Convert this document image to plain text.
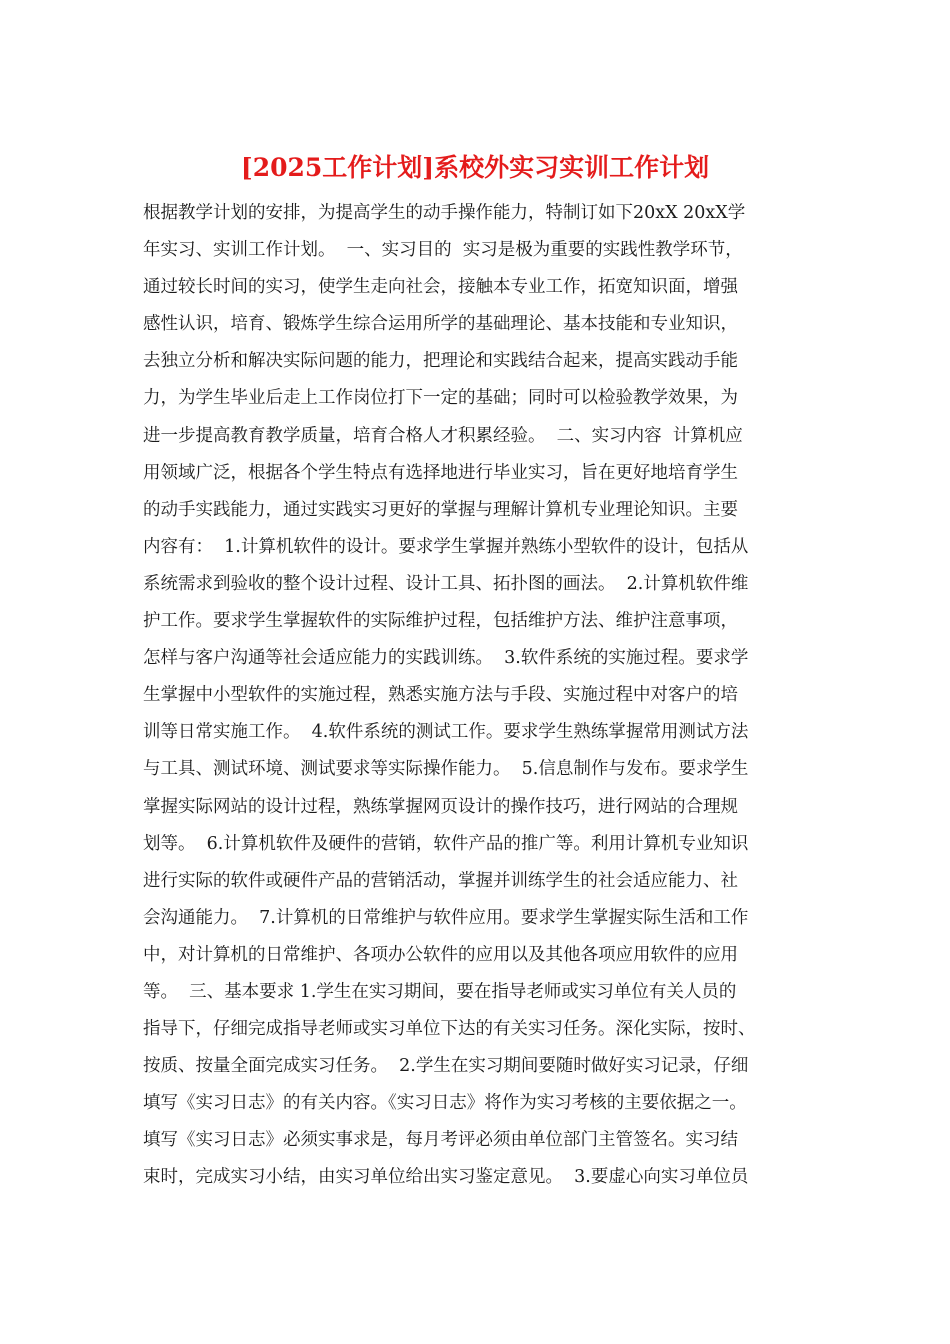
[2025工作计划]系校外实习实训工作计划
根据教学计划的安排，为提高学生的动手操作能力，特制订如下20xX 20xX学
年实习、实训工作计划。  一、实习目的  实习是极为重要的实践性教学环节，
通过较长时间的实习，使学生走向社会，接触本专业工作，拓宽知识面，增强
感性认识，培育、锻炼学生综合运用所学的基础理论、基本技能和专业知识，
去独立分析和解决实际问题的能力，把理论和实践结合起来，提高实践动手能
力，为学生毕业后走上工作岗位打下一定的基础；同时可以检验教学效果，为
进一步提高教育教学质量，培育合格人才积累经验。  二、实习内容  计算机应
用领域广泛，根据各个学生特点有选择地进行毕业实习，旨在更好地培育学生
的动手实践能力，通过实践实习更好的掌握与理解计算机专业理论知识。主要
内容有：  1.计算机软件的设计。要求学生掌握并熟练小型软件的设计，包括从
系统需求到验收的整个设计过程、设计工具、拓扑图的画法。  2.计算机软件维
护工作。要求学生掌握软件的实际维护过程，包括维护方法、维护注意事项，
怎样与客户沟通等社会适应能力的实践训练。  3.软件系统的实施过程。要求学
生掌握中小型软件的实施过程，熟悉实施方法与手段、实施过程中对客户的培
训等日常实施工作。  4.软件系统的测试工作。要求学生熟练掌握常用测试方法
与工具、测试环境、测试要求等实际操作能力。  5.信息制作与发布。要求学生
掌握实际网站的设计过程，熟练掌握网页设计的操作技巧，进行网站的合理规
划等。  6.计算机软件及硬件的营销，软件产品的推广等。利用计算机专业知识
进行实际的软件或硬件产品的营销活动，掌握并训练学生的社会适应能力、社
会沟通能力。  7.计算机的日常维护与软件应用。要求学生掌握实际生活和工作
中，对计算机的日常维护、各项办公软件的应用以及其他各项应用软件的应用
等。  三、基本要求 1.学生在实习期间，要在指导老师或实习单位有关人员的
指导下，仔细完成指导老师或实习单位下达的有关实习任务。深化实际，按时、
按质、按量全面完成实习任务。  2.学生在实习期间要随时做好实习记录，仔细
填写《实习日志》的有关内容。《实习日志》将作为实习考核的主要依据之一。
填写《实习日志》必须实事求是，每月考评必须由单位部门主管签名。实习结
束时，完成实习小结，由实习单位给出实习鉴定意见。  3.要虚心向实习单位员
